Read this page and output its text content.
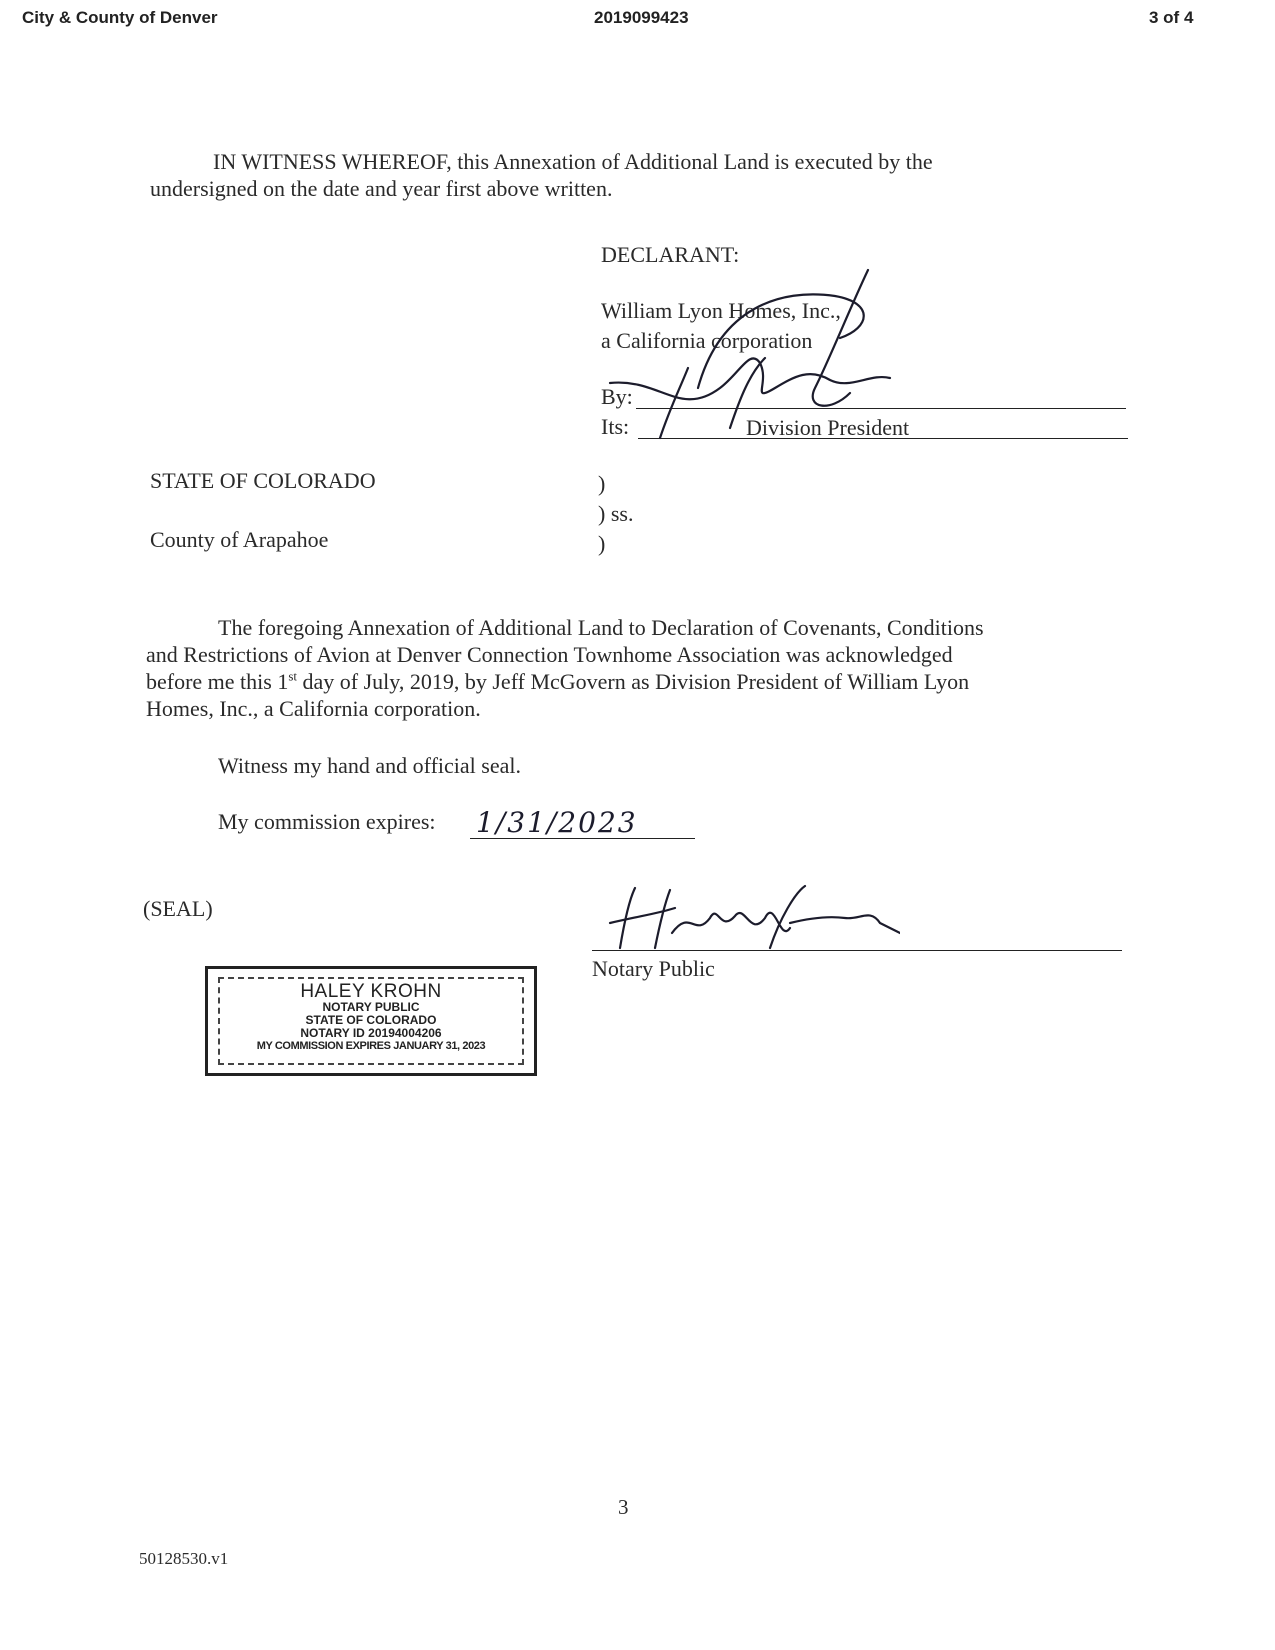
City & County of Denver	2019099423	3 of 4
IN WITNESS WHEREOF, this Annexation of Additional Land is executed by the
undersigned on the date and year first above written.
DECLARANT:
William Lyon Homes, Inc.,
a California corporation
By:
Its:	Division President
STATE OF COLORADO
County of Arapahoe
)
) ss.
)
The foregoing Annexation of Additional Land to Declaration of Covenants, Conditions
and Restrictions of Avion at Denver Connection Townhome Association was acknowledged
before me this 1st day of July, 2019, by Jeff McGovern as Division President of William Lyon
Homes, Inc., a California corporation.
Witness my hand and official seal.
My commission expires: 1/31/2023
(SEAL)
Notary Public
HALEY KROHN
NOTARY PUBLIC
STATE OF COLORADO
NOTARY ID 20194004206
MY COMMISSION EXPIRES JANUARY 31, 2023
3
50128530.v1
